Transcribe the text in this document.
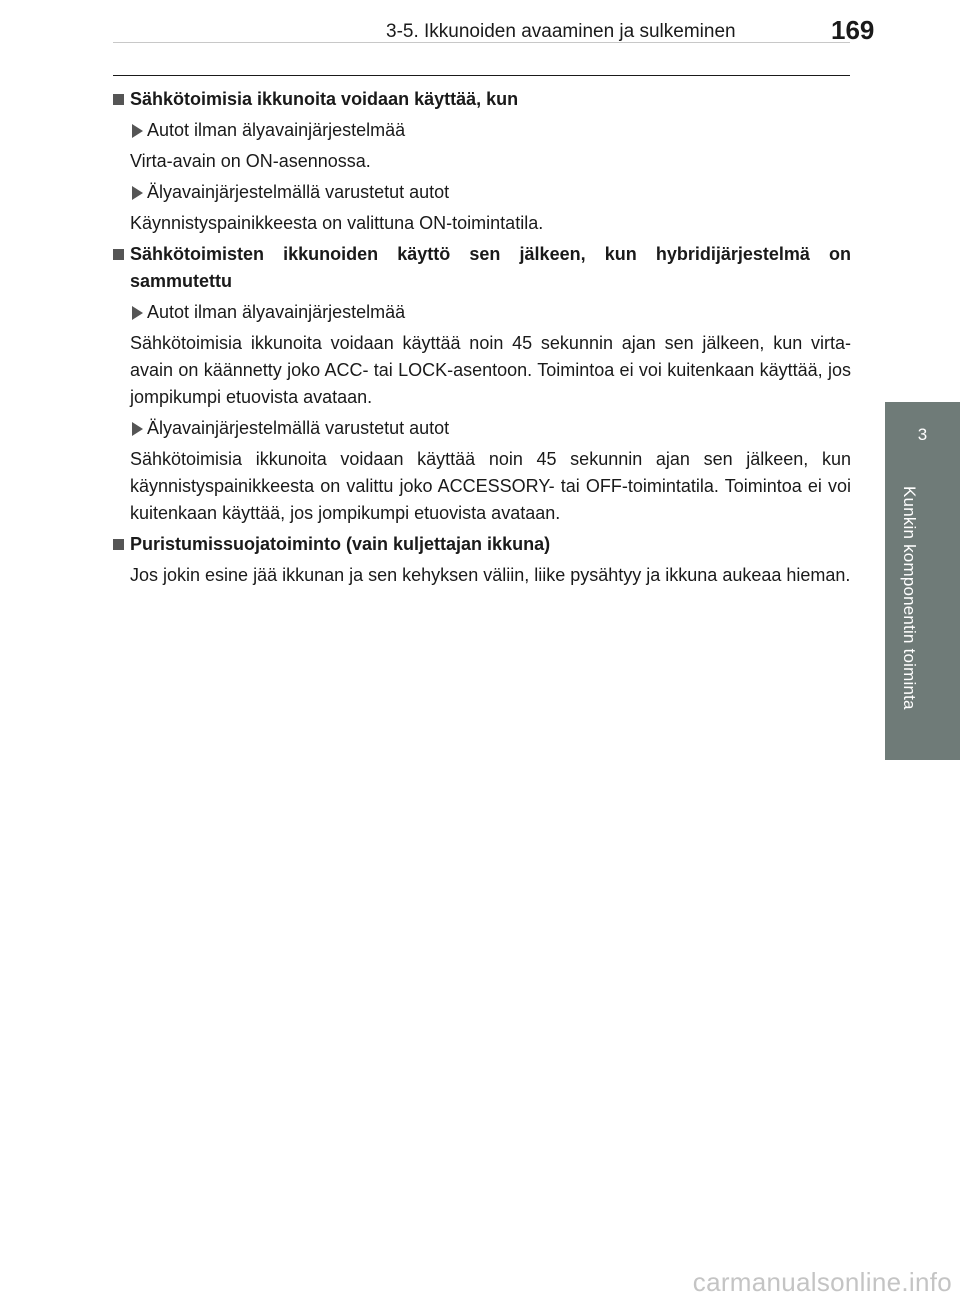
3-5. Ikkunoiden avaaminen ja sulkeminen	169
3
Kunkin komponentin toiminta
Sähkötoimisia ikkunoita voidaan käyttää, kun
Autot ilman älyavainjärjestelmää
Virta-avain on ON-asennossa.
Älyavainjärjestelmällä varustetut autot
Käynnistyspainikkeesta on valittuna ON-toimintatila.
Sähkötoimisten ikkunoiden käyttö sen jälkeen, kun hybridijärjestelmä on sammutettu
Autot ilman älyavainjärjestelmää
Sähkötoimisia ikkunoita voidaan käyttää noin 45 sekunnin ajan sen jälkeen, kun virta-avain on käännetty joko ACC- tai LOCK-asentoon. Toimintoa ei voi kuitenkaan käyttää, jos jompikumpi etuovista avataan.
Älyavainjärjestelmällä varustetut autot
Sähkötoimisia ikkunoita voidaan käyttää noin 45 sekunnin ajan sen jälkeen, kun käynnistyspainikkeesta on valittu joko ACCESSORY- tai OFF-toimintatila. Toimintoa ei voi kuitenkaan käyttää, jos jompikumpi etuovista avataan.
Puristumissuojatoiminto (vain kuljettajan ikkuna)
Jos jokin esine jää ikkunan ja sen kehyksen väliin, liike pysähtyy ja ikkuna aukeaa hieman.
carmanualsonline.info
